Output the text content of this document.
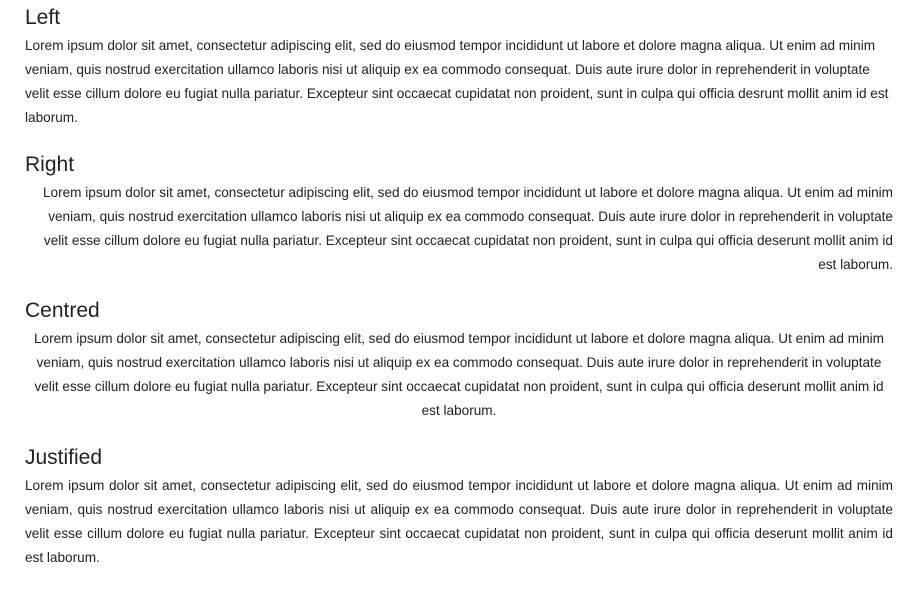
Left

Lorem ipsum dolor sit amet, consectetur adipiscing elit, sed do eiusmod tempor incididunt ut labore et dolore magna aliqua. Ut enim ad minim veniam, quis nostrud exercitation ullamco laboris nisi ut aliquip ex ea commodo consequat. Duis aute irure dolor in reprehenderit in voluptate velit esse cillum dolore eu fugiat nulla pariatur. Excepteur sint occaecat cupidatat non proident, sunt in culpa qui officia desrunt mollit anim id est laborum.

Right

Lorem ipsum dolor sit amet, consectetur adipiscing elit, sed do eiusmod tempor incididunt ut labore et dolore magna aliqua. Ut enim ad minim veniam, quis nostrud exercitation ullamco laboris nisi ut aliquip ex ea commodo consequat. Duis aute irure dolor in reprehenderit in voluptate velit esse cillum dolore eu fugiat nulla pariatur. Excepteur sint occaecat cupidatat non proident, sunt in culpa qui officia deserunt mollit anim id est laborum.

Centred

Lorem ipsum dolor sit amet, consectetur adipiscing elit, sed do eiusmod tempor incididunt ut labore et dolore magna aliqua. Ut enim ad minim veniam, quis nostrud exercitation ullamco laboris nisi ut aliquip ex ea commodo consequat. Duis aute irure dolor in reprehenderit in voluptate velit esse cillum dolore eu fugiat nulla pariatur. Excepteur sint occaecat cupidatat non proident, sunt in culpa qui officia deserunt mollit anim id est laborum.

Justified

Lorem ipsum dolor sit amet, consectetur adipiscing elit, sed do eiusmod tempor incididunt ut labore et dolore magna aliqua. Ut enim ad minim veniam, quis nostrud exercitation ullamco laboris nisi ut aliquip ex ea commodo consequat. Duis aute irure dolor in reprehenderit in voluptate velit esse cillum dolore eu fugiat nulla pariatur. Excepteur sint occaecat cupidatat non proident, sunt in culpa qui officia deserunt mollit anim id est laborum.
